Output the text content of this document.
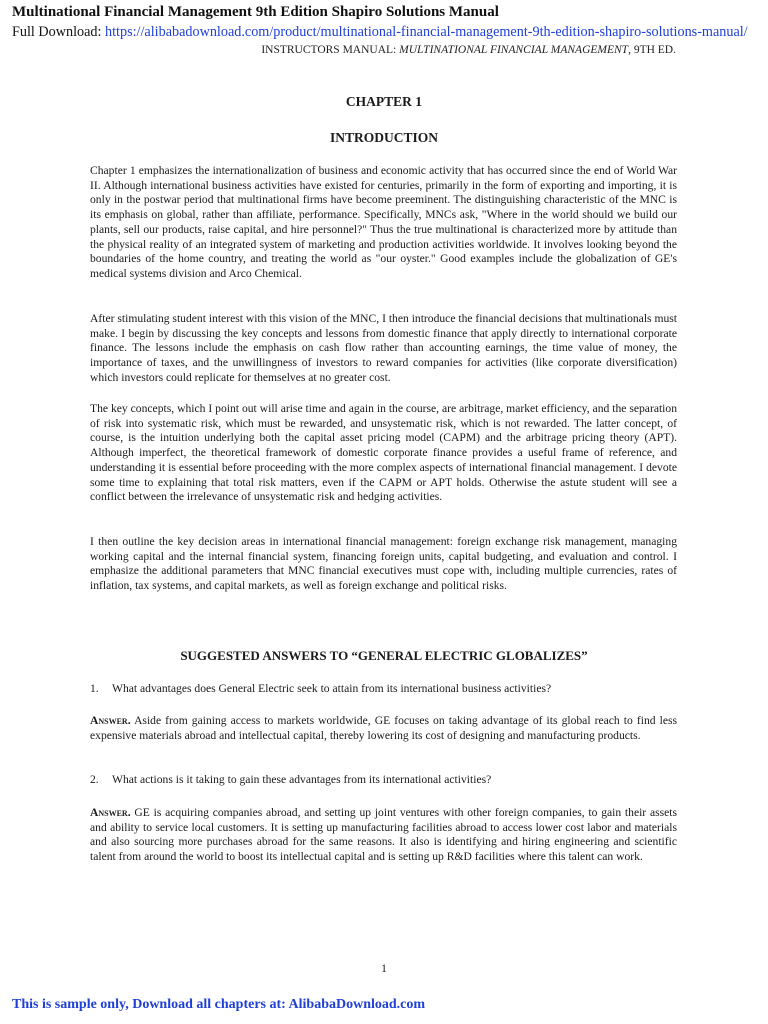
Multinational Financial Management 9th Edition Shapiro Solutions Manual
Full Download: https://alibabadownload.com/product/multinational-financial-management-9th-edition-shapiro-solutions-manual/
INSTRUCTORS MANUAL: MULTINATIONAL FINANCIAL MANAGEMENT, 9TH ED.
CHAPTER 1
INTRODUCTION

Chapter 1 emphasizes the internationalization of business and economic activity that has occurred since the end of World War II. Although international business activities have existed for centuries, primarily in the form of exporting and importing, it is only in the postwar period that multinational firms have become preeminent. The distinguishing characteristic of the MNC is its emphasis on global, rather than affiliate, performance. Specifically, MNCs ask, "Where in the world should we build our plants, sell our products, raise capital, and hire personnel?" Thus the true multinational is characterized more by attitude than the physical reality of an integrated system of marketing and production activities worldwide. It involves looking beyond the boundaries of the home country, and treating the world as "our oyster." Good examples include the globalization of GE's medical systems division and Arco Chemical.

After stimulating student interest with this vision of the MNC, I then introduce the financial decisions that multinationals must make. I begin by discussing the key concepts and lessons from domestic finance that apply directly to international corporate finance. The lessons include the emphasis on cash flow rather than accounting earnings, the time value of money, the importance of taxes, and the unwillingness of investors to reward companies for activities (like corporate diversification) which investors could replicate for themselves at no greater cost.

The key concepts, which I point out will arise time and again in the course, are arbitrage, market efficiency, and the separation of risk into systematic risk, which must be rewarded, and unsystematic risk, which is not rewarded. The latter concept, of course, is the intuition underlying both the capital asset pricing model (CAPM) and the arbitrage pricing theory (APT). Although imperfect, the theoretical framework of domestic corporate finance provides a useful frame of reference, and understanding it is essential before proceeding with the more complex aspects of international financial management. I devote some time to explaining that total risk matters, even if the CAPM or APT holds. Otherwise the astute student will see a conflict between the irrelevance of unsystematic risk and hedging activities.

I then outline the key decision areas in international financial management: foreign exchange risk management, managing working capital and the internal financial system, financing foreign units, capital budgeting, and evaluation and control. I emphasize the additional parameters that MNC financial executives must cope with, including multiple currencies, rates of inflation, tax systems, and capital markets, as well as foreign exchange and political risks.

SUGGESTED ANSWERS TO “GENERAL ELECTRIC GLOBALIZES”
1. What advantages does General Electric seek to attain from its international business activities?

Answer. Aside from gaining access to markets worldwide, GE focuses on taking advantage of its global reach to find less expensive materials abroad and intellectual capital, thereby lowering its cost of designing and manufacturing products.

2. What actions is it taking to gain these advantages from its international activities?

Answer. GE is acquiring companies abroad, and setting up joint ventures with other foreign companies, to gain their assets and ability to service local customers. It is setting up manufacturing facilities abroad to access lower cost labor and materials and also sourcing more purchases abroad for the same reasons. It also is identifying and hiring engineering and scientific talent from around the world to boost its intellectual capital and is setting up R&D facilities where this talent can work.

1
This is sample only, Download all chapters at: AlibabaDownload.com
